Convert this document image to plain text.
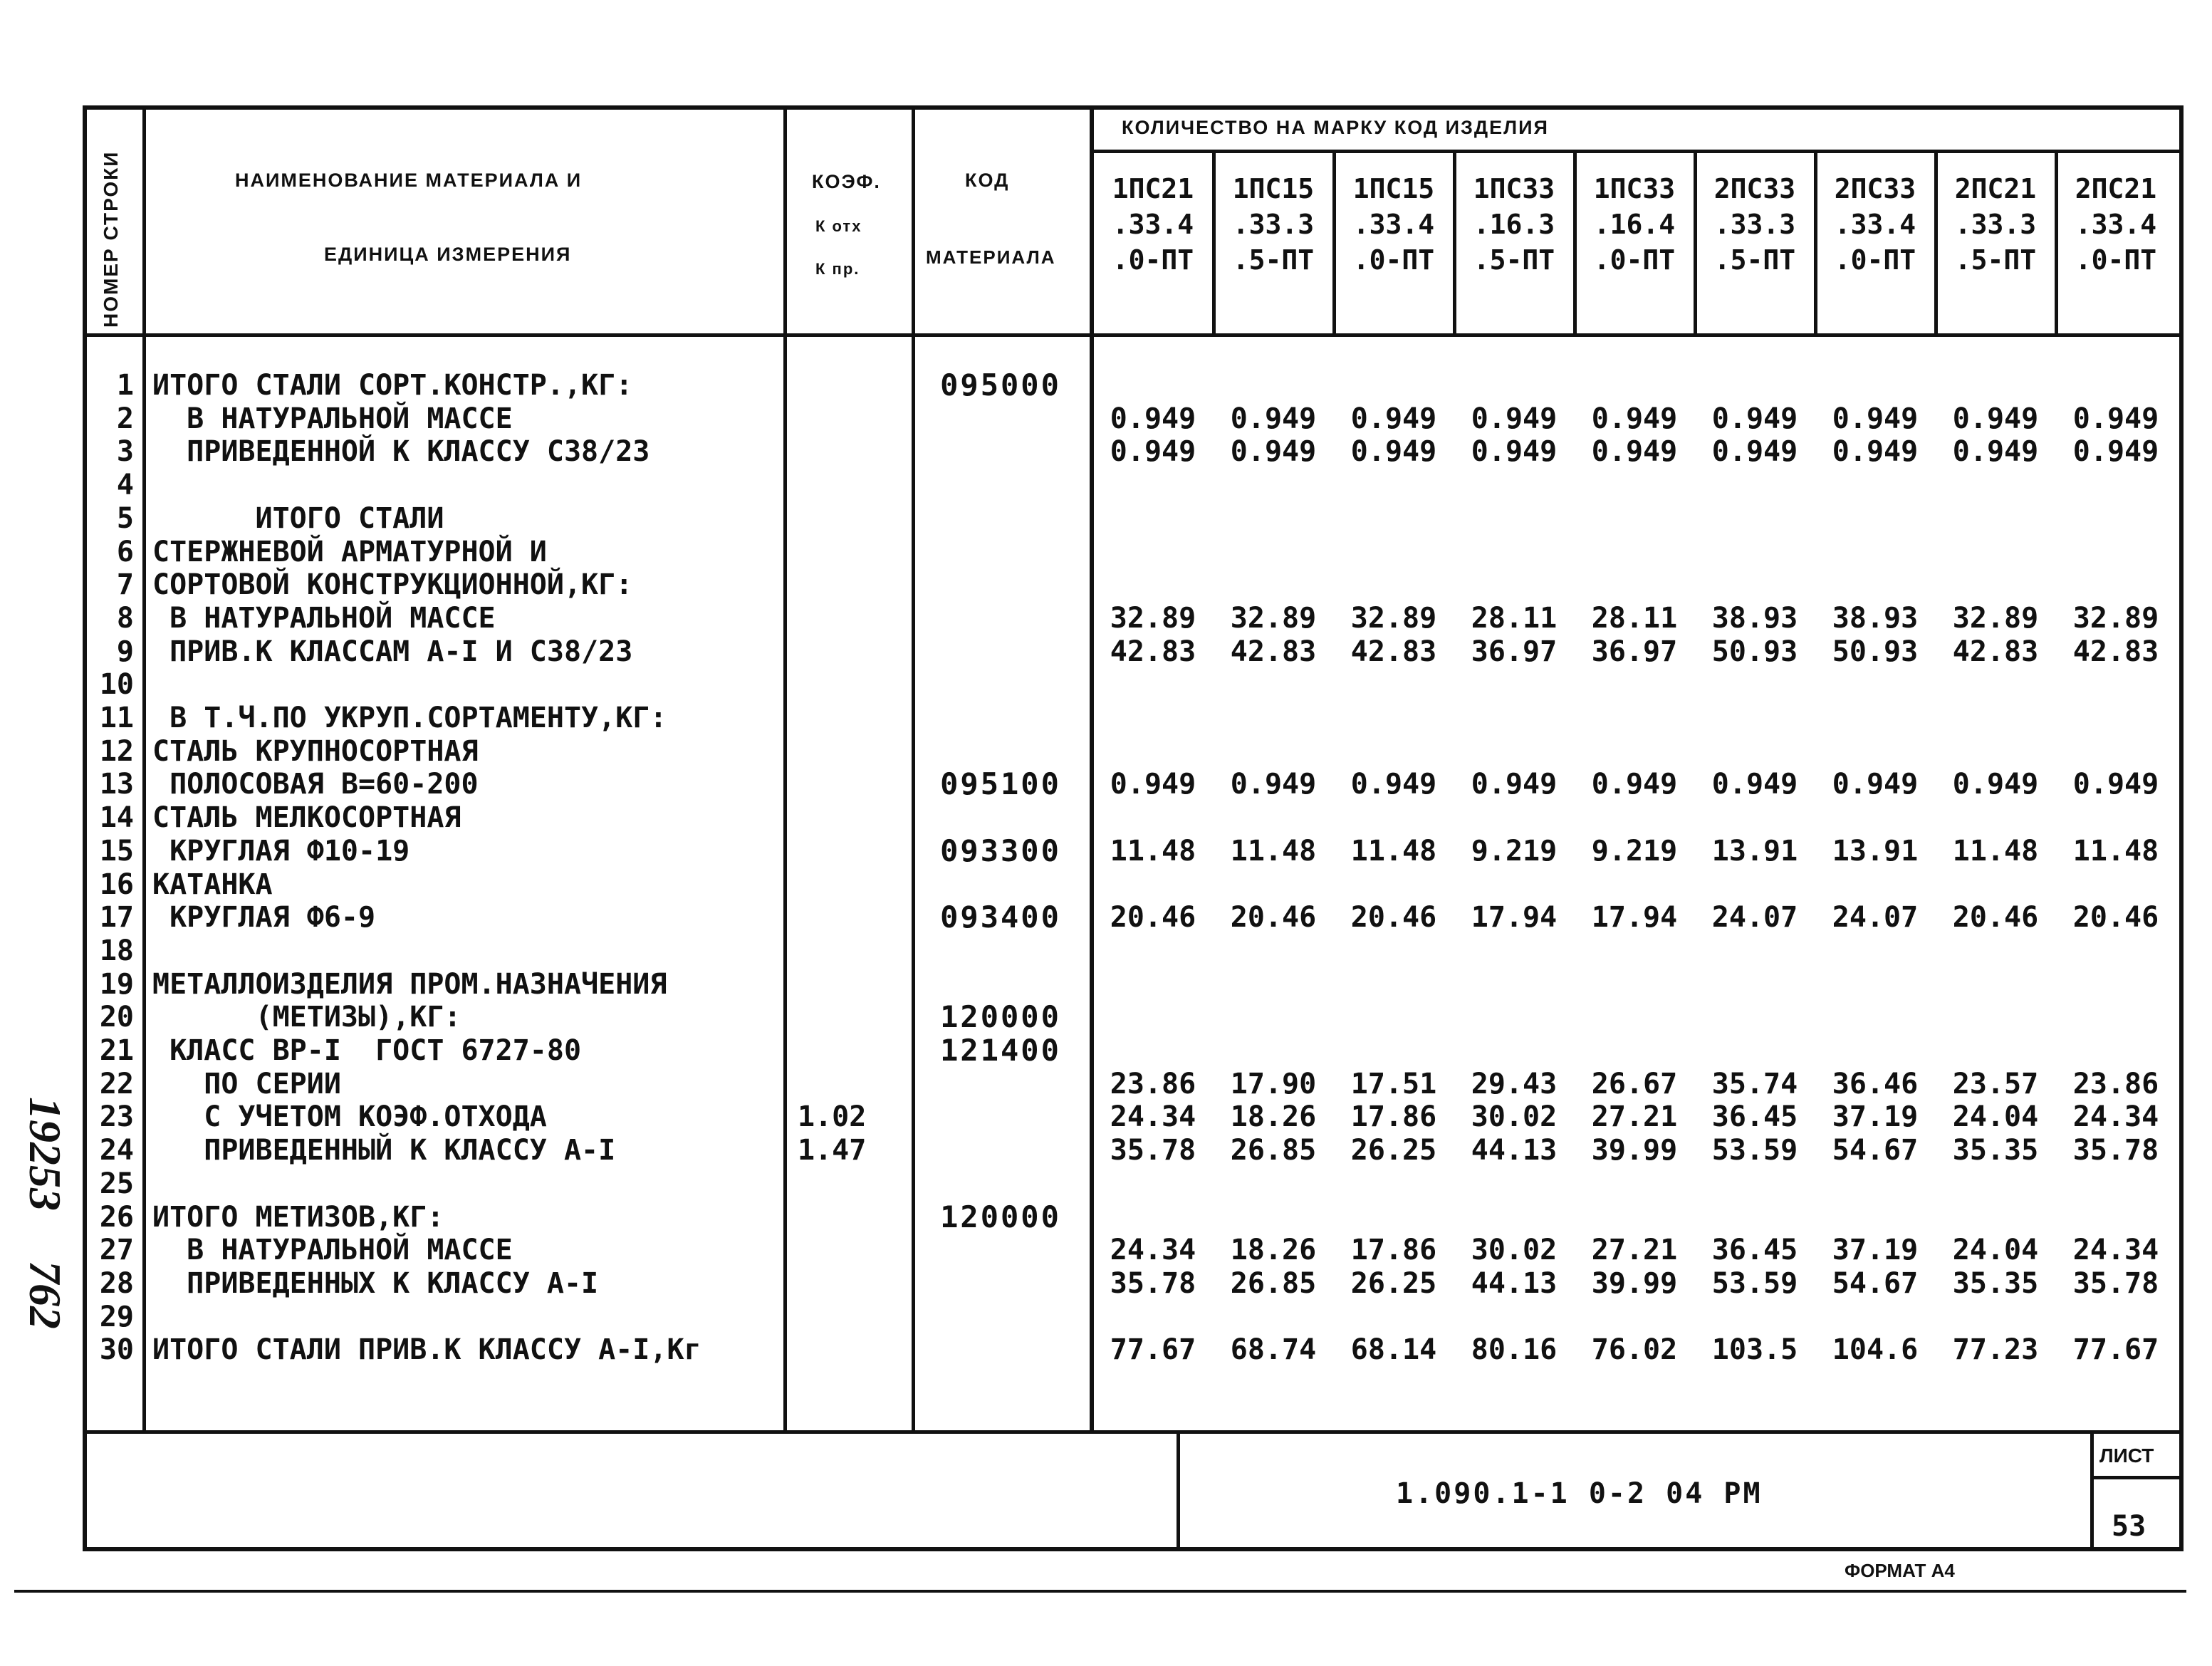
19253
762
НОМЕР СТРОКИ	НАИМЕНОВАНИЕ МАТЕРИАЛА И
ЕДИНИЦА ИЗМЕРЕНИЯ
КОЭФ.
К отх
К пр.
КОД
МАТЕРИАЛА
КОЛИЧЕСТВО НА МАРКУ КОД ИЗДЕЛИЯ
1ПС21
.33.4
.0-ПТ
1ПС15
.33.3
.5-ПТ
1ПС15
.33.4
.0-ПТ
1ПС33
.16.3
.5-ПТ
1ПС33
.16.4
.0-ПТ
2ПС33
.33.3
.5-ПТ
2ПС33
.33.4
.0-ПТ
2ПС21
.33.3
.5-ПТ
2ПС21
.33.4
.0-ПТ
1 ИТОГО СТАЛИ СОРТ.КОНСТР.,КГ:	095000
2 В НАТУРАЛЬНОЙ МАССЕ	0.949	0.949	0.949	0.949	0.949	0.949	0.949	0.949	0.949
3 ПРИВЕДЕННОЙ К КЛАССУ С38/23	0.949	0.949	0.949	0.949	0.949	0.949	0.949	0.949	0.949
4
5 ИТОГО СТАЛИ
6 СТЕРЖНЕВОЙ АРМАТУРНОЙ И
7 СОРТОВОЙ КОНСТРУКЦИОННОЙ,КГ:
8 В НАТУРАЛЬНОЙ МАССЕ	32.89	32.89	32.89	28.11	28.11	38.93	38.93	32.89	32.89
9 ПРИВ.К КЛАССАМ А-I И С38/23	42.83	42.83	42.83	36.97	36.97	50.93	50.93	42.83	42.83
10
11 В Т.Ч.ПО УКРУП.СОРТАМЕНТУ,КГ:
12 СТАЛЬ КРУПНОСОРТНАЯ
13 ПОЛОСОВАЯ В=60-200	095100	0.949	0.949	0.949	0.949	0.949	0.949	0.949	0.949	0.949
14 СТАЛЬ МЕЛКОСОРТНАЯ
15 КРУГЛАЯ Ф10-19	093300	11.48	11.48	11.48	9.219	9.219	13.91	13.91	11.48	11.48
16 КАТАНКА
17 КРУГЛАЯ Ф6-9	093400	20.46	20.46	20.46	17.94	17.94	24.07	24.07	20.46	20.46
18
19 МЕТАЛЛОИЗДЕЛИЯ ПРОМ.НАЗНАЧЕНИЯ
20 (МЕТИЗЫ),КГ:	120000
21 КЛАСС ВР-I  ГОСТ 6727-80	121400
22 ПО СЕРИИ	23.86	17.90	17.51	29.43	26.67	35.74	36.46	23.57	23.86
23 С УЧЕТОМ КОЭФ.ОТХОДА	1.02	24.34	18.26	17.86	30.02	27.21	36.45	37.19	24.04	24.34
24 ПРИВЕДЕННЫЙ К КЛАССУ А-I	1.47	35.78	26.85	26.25	44.13	39.99	53.59	54.67	35.35	35.78
25
26 ИТОГО МЕТИЗОВ,КГ:	120000
27 В НАТУРАЛЬНОЙ МАССЕ	24.34	18.26	17.86	30.02	27.21	36.45	37.19	24.04	24.34
28 ПРИВЕДЕННЫХ К КЛАССУ А-I	35.78	26.85	26.25	44.13	39.99	53.59	54.67	35.35	35.78
29
30 ИТОГО СТАЛИ ПРИВ.К КЛАССУ А-I,Кг	77.67	68.74	68.14	80.16	76.02	103.5	104.6	77.23	77.67
1.090.1-1 0-2 04 РМ
ЛИСТ
53
ФОРМАТ А4
